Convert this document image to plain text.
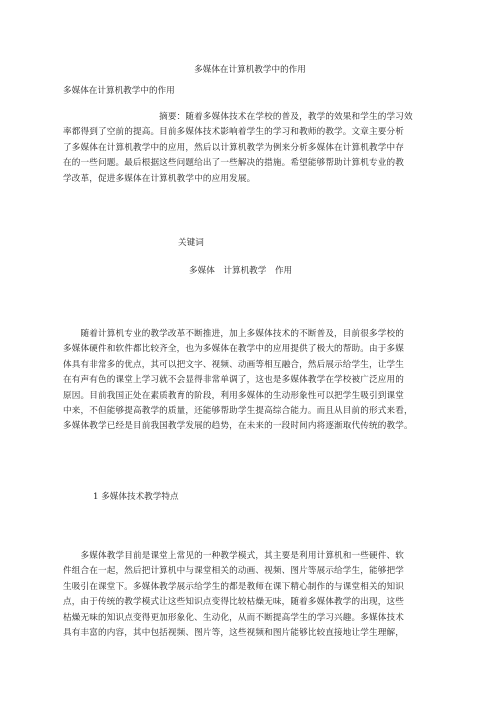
多媒体在计算机教学中的作用

多媒体在计算机教学中的作用

　　　　　　　　　　　摘要：随着多媒体技术在学校的普及，教学的效果和学生的学习效
率都得到了空前的提高。目前多媒体技术影响着学生的学习和教师的教学。文章主要分析
了多媒体在计算机教学中的应用，然后以计算机教学为例来分析多媒体在计算机教学中存
在的一些问题。最后根据这些问题给出了一些解决的措施。希望能够帮助计算机专业的教
学改革，促进多媒体在计算机教学中的应用发展。

关键词

多媒体　计算机教学　作用

　　随着计算机专业的教学改革不断推进，加上多媒体技术的不断普及，目前很多学校的
多媒体硬件和软件都比较齐全，也为多媒体在教学中的应用提供了极大的帮助。由于多媒
体具有非常多的优点，其可以把文字、视频、动画等相互融合，然后展示给学生，让学生
在有声有色的课堂上学习就不会显得非常单调了，这也是多媒体教学在学校被广泛应用的
原因。目前我国正处在素质教育的阶段，利用多媒体的生动形象性可以把学生吸引到课堂
中来，不但能够提高教学的质量，还能够帮助学生提高综合能力。而且从目前的形式来看，
多媒体教学已经是目前我国教学发展的趋势，在未来的一段时间内将逐渐取代传统的教学。

1 多媒体技术教学特点

　　多媒体教学目前是课堂上常见的一种教学模式，其主要是利用计算机和一些硬件、软
件组合在一起，然后把计算机中与课堂相关的动画、视频、图片等展示给学生，能够把学
生吸引在课堂下。多媒体教学展示给学生的都是教师在课下精心制作的与课堂相关的知识
点，由于传统的教学模式让这些知识点变得比较枯燥无味，随着多媒体教学的出现，这些
枯燥无味的知识点变得更加形象化、生动化，从而不断提高学生的学习兴趣。多媒体技术
具有丰富的内容，其中包括视频、图片等，这些视频和图片能够比较直接地让学生理解，
